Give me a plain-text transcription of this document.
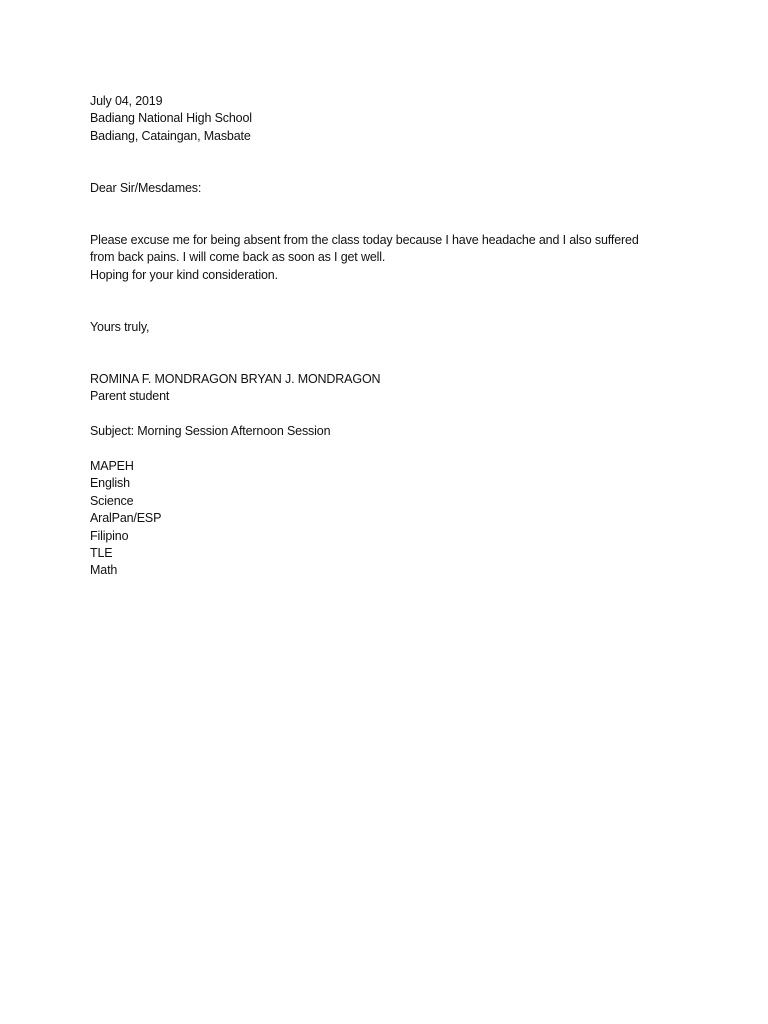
July 04, 2019
Badiang National High School
Badiang, Cataingan, Masbate
Dear Sir/Mesdames:
Please excuse me for being absent from the class today because I have headache and I also suffered
from back pains. I will come back as soon as I get well.
Hoping for your kind consideration.
Yours truly,
ROMINA F. MONDRAGON BRYAN J. MONDRAGON
Parent student
Subject: Morning Session Afternoon Session
MAPEH
English
Science
AralPan/ESP
Filipino
TLE
Math
